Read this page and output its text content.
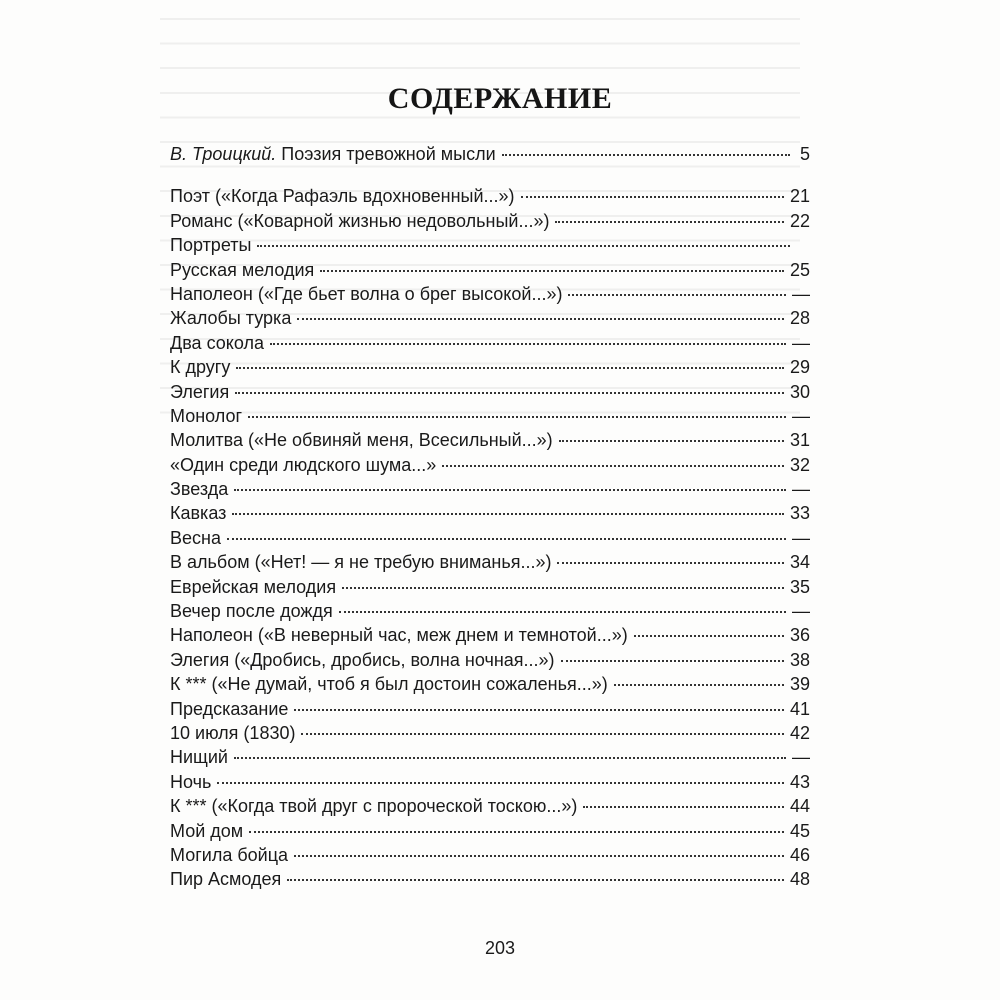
СОДЕРЖАНИЕ
В. Троицкий. Поэзия тревожной мысли	5
Поэт («Когда Рафаэль вдохновенный...»)	21
Романс («Коварной жизнью недовольный...»)	22
Портреты
Русская мелодия	25
Наполеон («Где бьет волна о брег высокой...»)	—
Жалобы турка	28
Два сокола	—
К другу	29
Элегия	30
Монолог	—
Молитва («Не обвиняй меня, Всесильный...»)	31
«Один среди людского шума...»	32
Звезда	—
Кавказ	33
Весна	—
В альбом («Нет! — я не требую вниманья...»)	34
Еврейская мелодия	35
Вечер после дождя	—
Наполеон («В неверный час, меж днем и темнотой...»)	36
Элегия («Дробись, дробись, волна ночная...»)	38
К *** («Не думай, чтоб я был достоин сожаленья...»)	39
Предсказание	41
10 июля (1830)	42
Нищий	—
Ночь	43
К *** («Когда твой друг с пророческой тоскою...»)	44
Мой дом	45
Могила бойца	46
Пир Асмодея	48
203
